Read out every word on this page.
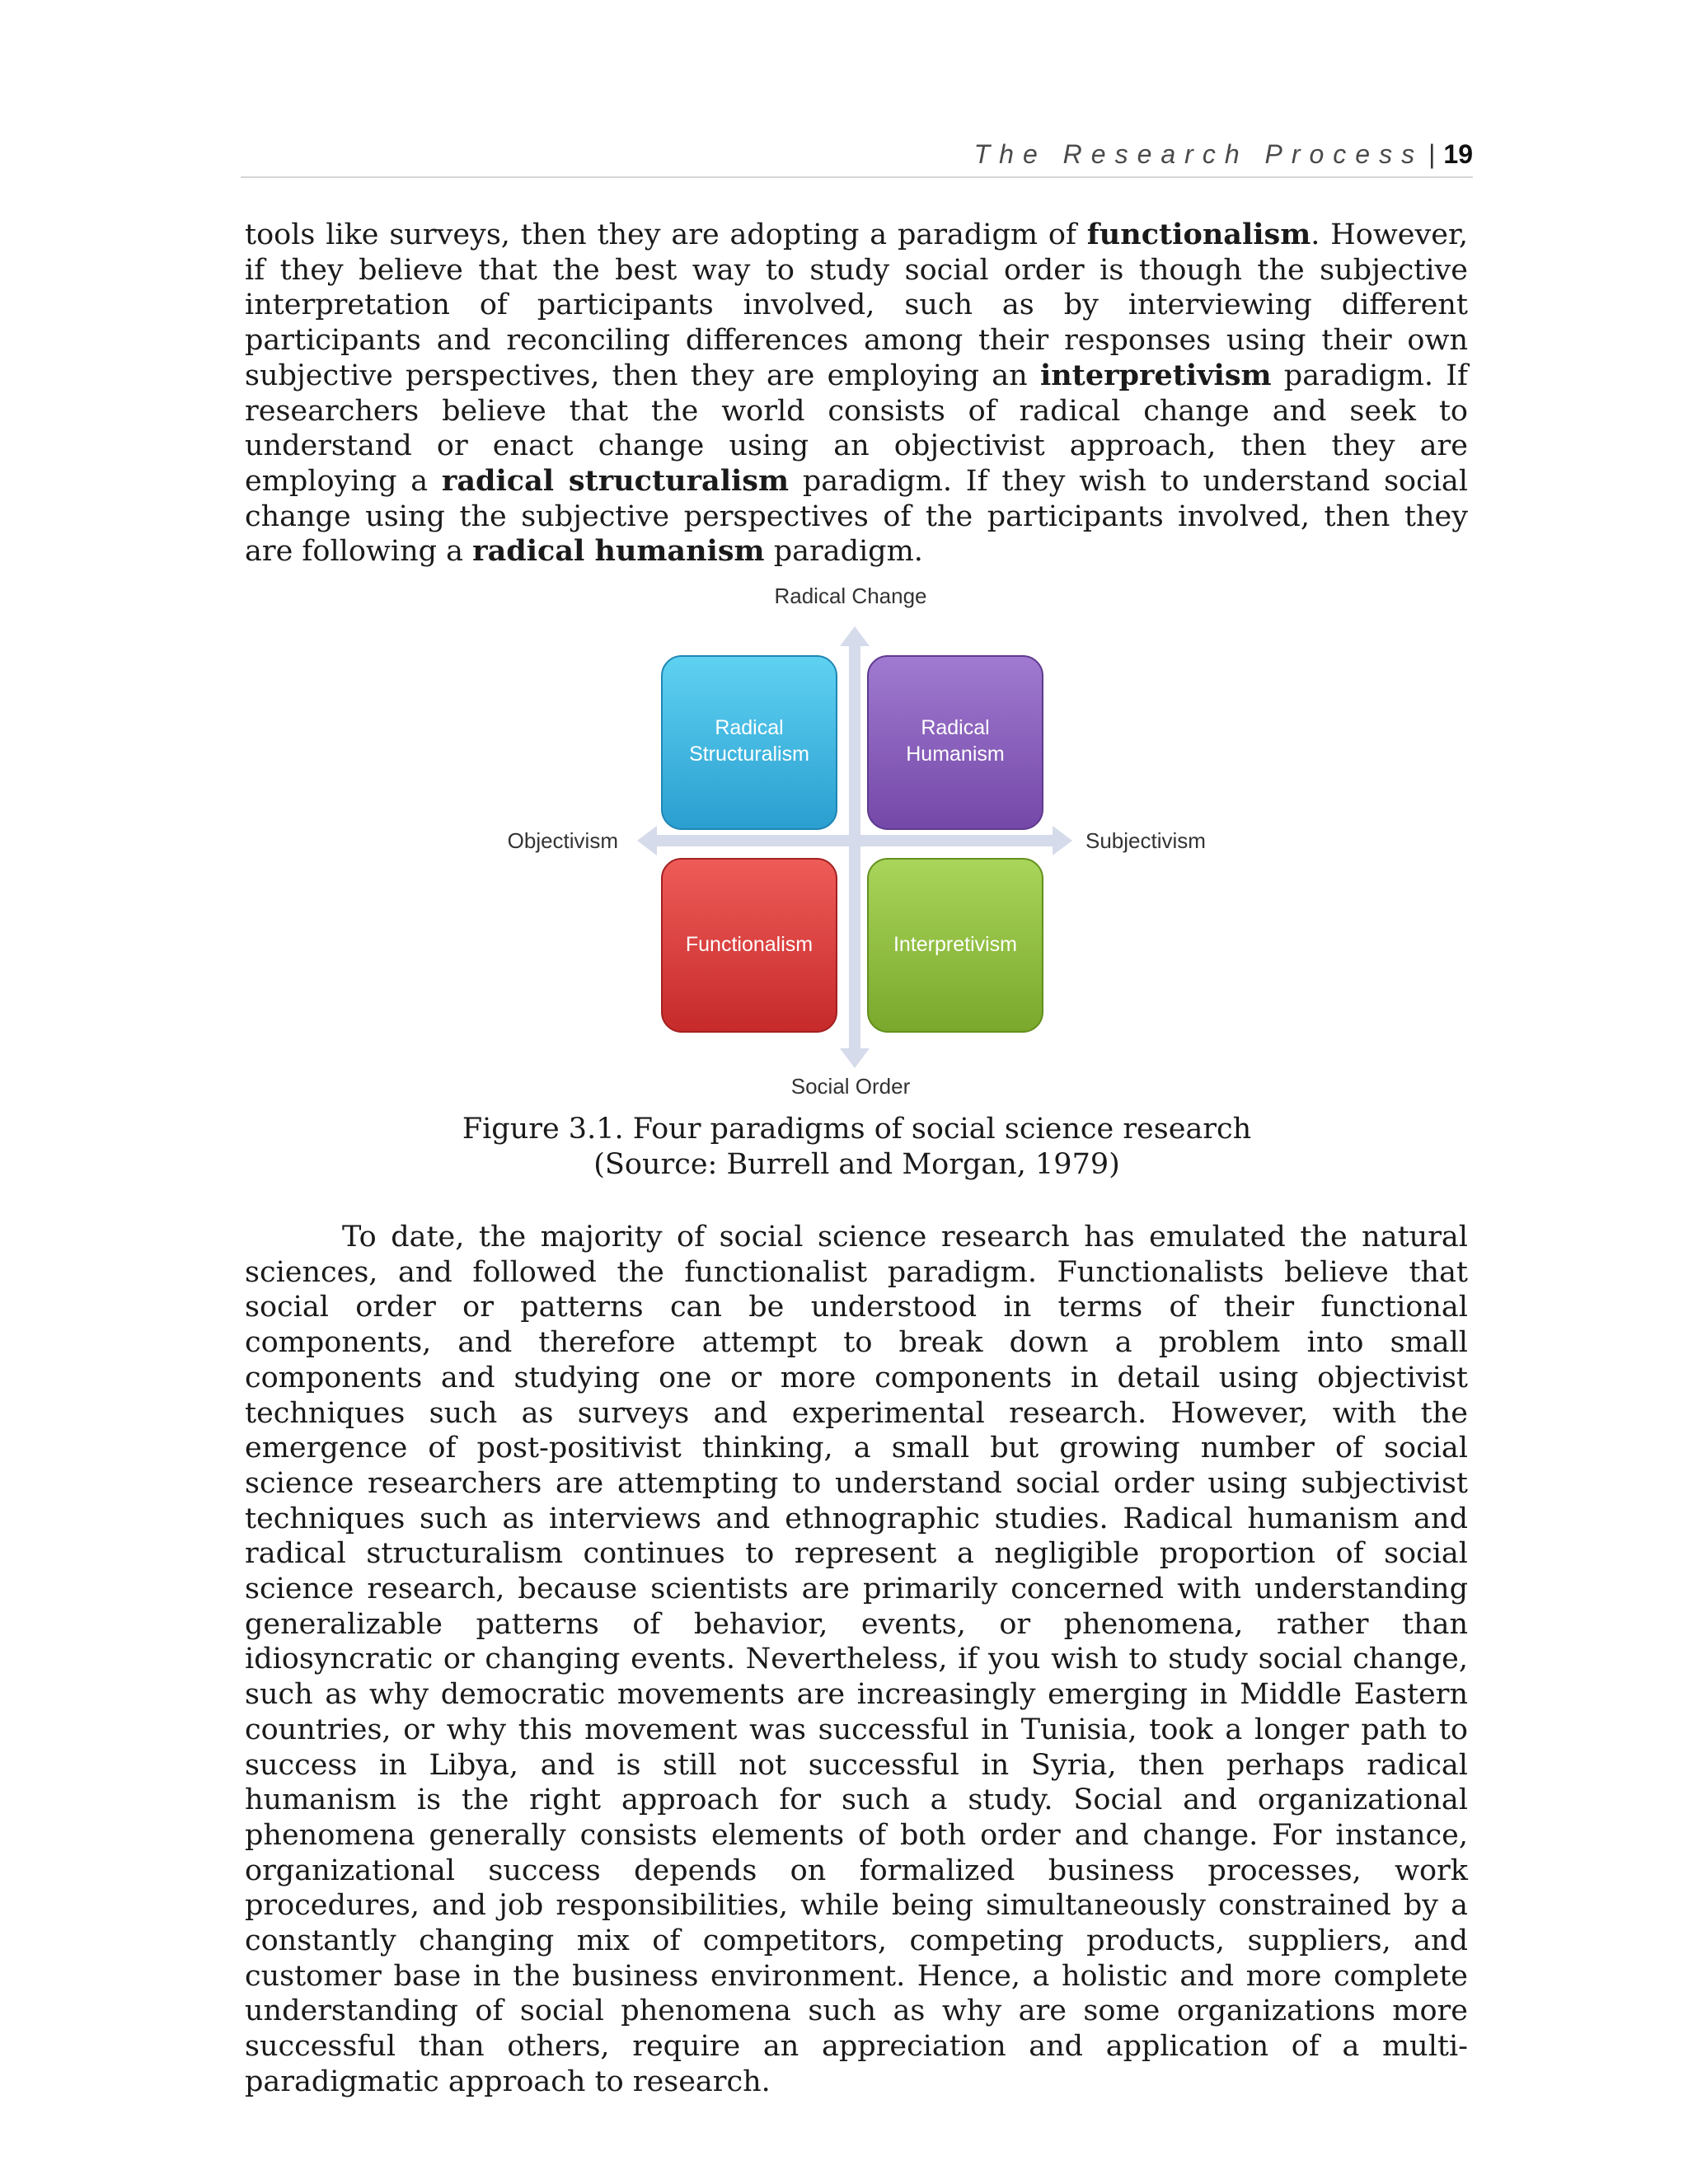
The Research Process | 19

tools like surveys, then they are adopting a paradigm of functionalism. However, if they believe that the best way to study social order is though the subjective interpretation of participants involved, such as by interviewing different participants and reconciling differences among their responses using their own subjective perspectives, then they are employing an interpretivism paradigm. If researchers believe that the world consists of radical change and seek to understand or enact change using an objectivist approach, then they are employing a radical structuralism paradigm. If they wish to understand social change using the subjective perspectives of the participants involved, then they are following a radical humanism paradigm.

Radical
Structuralism
Radical
Humanism
Functionalism	Interpretivism
Radical Change
Social Order
Objectivism	Subjectivism

Figure 3.1. Four paradigms of social science research
(Source: Burrell and Morgan, 1979)

To date, the majority of social science research has emulated the natural sciences, and followed the functionalist paradigm. Functionalists believe that social order or patterns can be understood in terms of their functional components, and therefore attempt to break down a problem into small components and studying one or more components in detail using objectivist techniques such as surveys and experimental research. However, with the emergence of post-positivist thinking, a small but growing number of social science researchers are attempting to understand social order using subjectivist techniques such as interviews and ethnographic studies. Radical humanism and radical structuralism continues to represent a negligible proportion of social science research, because scientists are primarily concerned with understanding generalizable patterns of behavior, events, or phenomena, rather than idiosyncratic or changing events. Nevertheless, if you wish to study social change, such as why democratic movements are increasingly emerging in Middle Eastern countries, or why this movement was successful in Tunisia, took a longer path to success in Libya, and is still not successful in Syria, then perhaps radical humanism is the right approach for such a study. Social and organizational phenomena generally consists elements of both order and change. For instance, organizational success depends on formalized business processes, work procedures, and job responsibilities, while being simultaneously constrained by a constantly changing mix of competitors, competing products, suppliers, and customer base in the business environment. Hence, a holistic and more complete understanding of social phenomena such as why are some organizations more successful than others, require an appreciation and application of a multi-paradigmatic approach to research.
